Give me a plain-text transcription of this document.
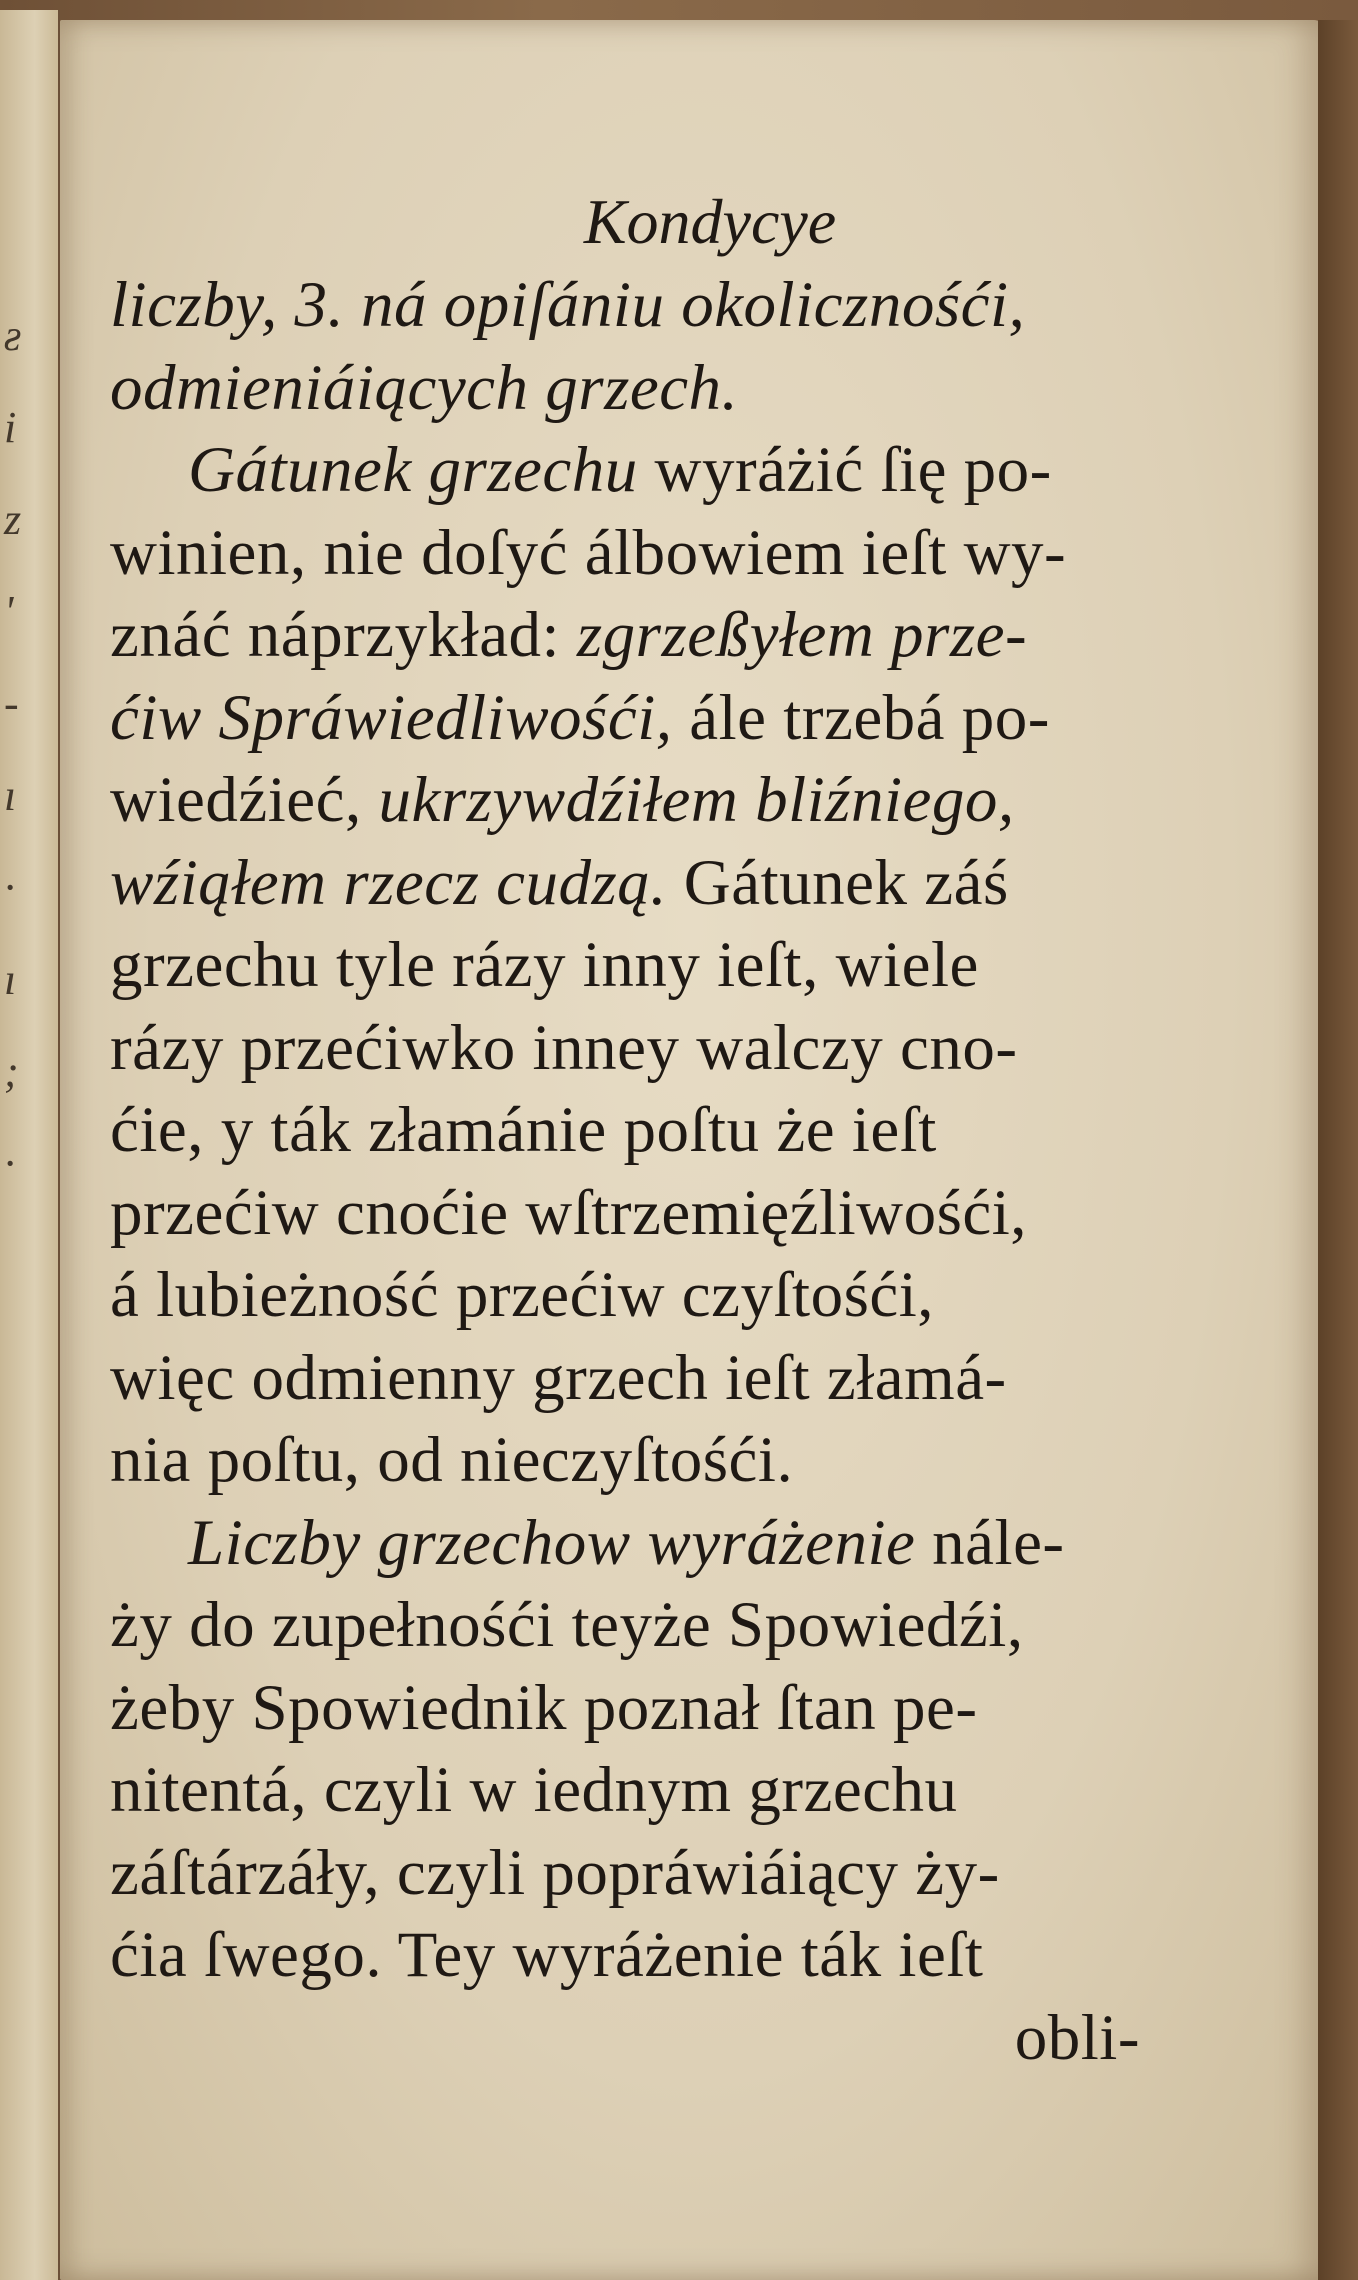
ƨ
i
z
ʹ
-
ı
·
ı
;
·
Kondycye
liczby, 3. ná opiſániu okolicznośći,
odmieniáiących grzech.
Gátunek grzechu wyráżić ſię po-
winien, nie doſyć álbowiem ieſt wy-
znáć náprzykład: zgrzeßyłem prze-
ćiw Spráwiedliwośći, ále trzebá po-
wiedźieć, ukrzywdźiłem bliźniego,
wźiąłem rzecz cudzą. Gátunek záś
grzechu tyle rázy inny ieſt, wiele
rázy przećiwko inney walczy cno-
ćie, y ták złamánie poſtu że ieſt
przećiw cnoćie wſtrzemięźliwośći,
á lubieżność przećiw czyſtośći,
więc odmienny grzech ieſt złamá-
nia poſtu, od nieczyſtośći.
Liczby grzechow wyráżenie nále-
ży do zupełnośći teyże Spowiedźi,
żeby Spowiednik poznał ſtan pe-
nitentá, czyli w iednym grzechu
záſtárzáły, czyli popráwiáiący ży-
ćia ſwego. Tey wyráżenie ták ieſt
obli-
